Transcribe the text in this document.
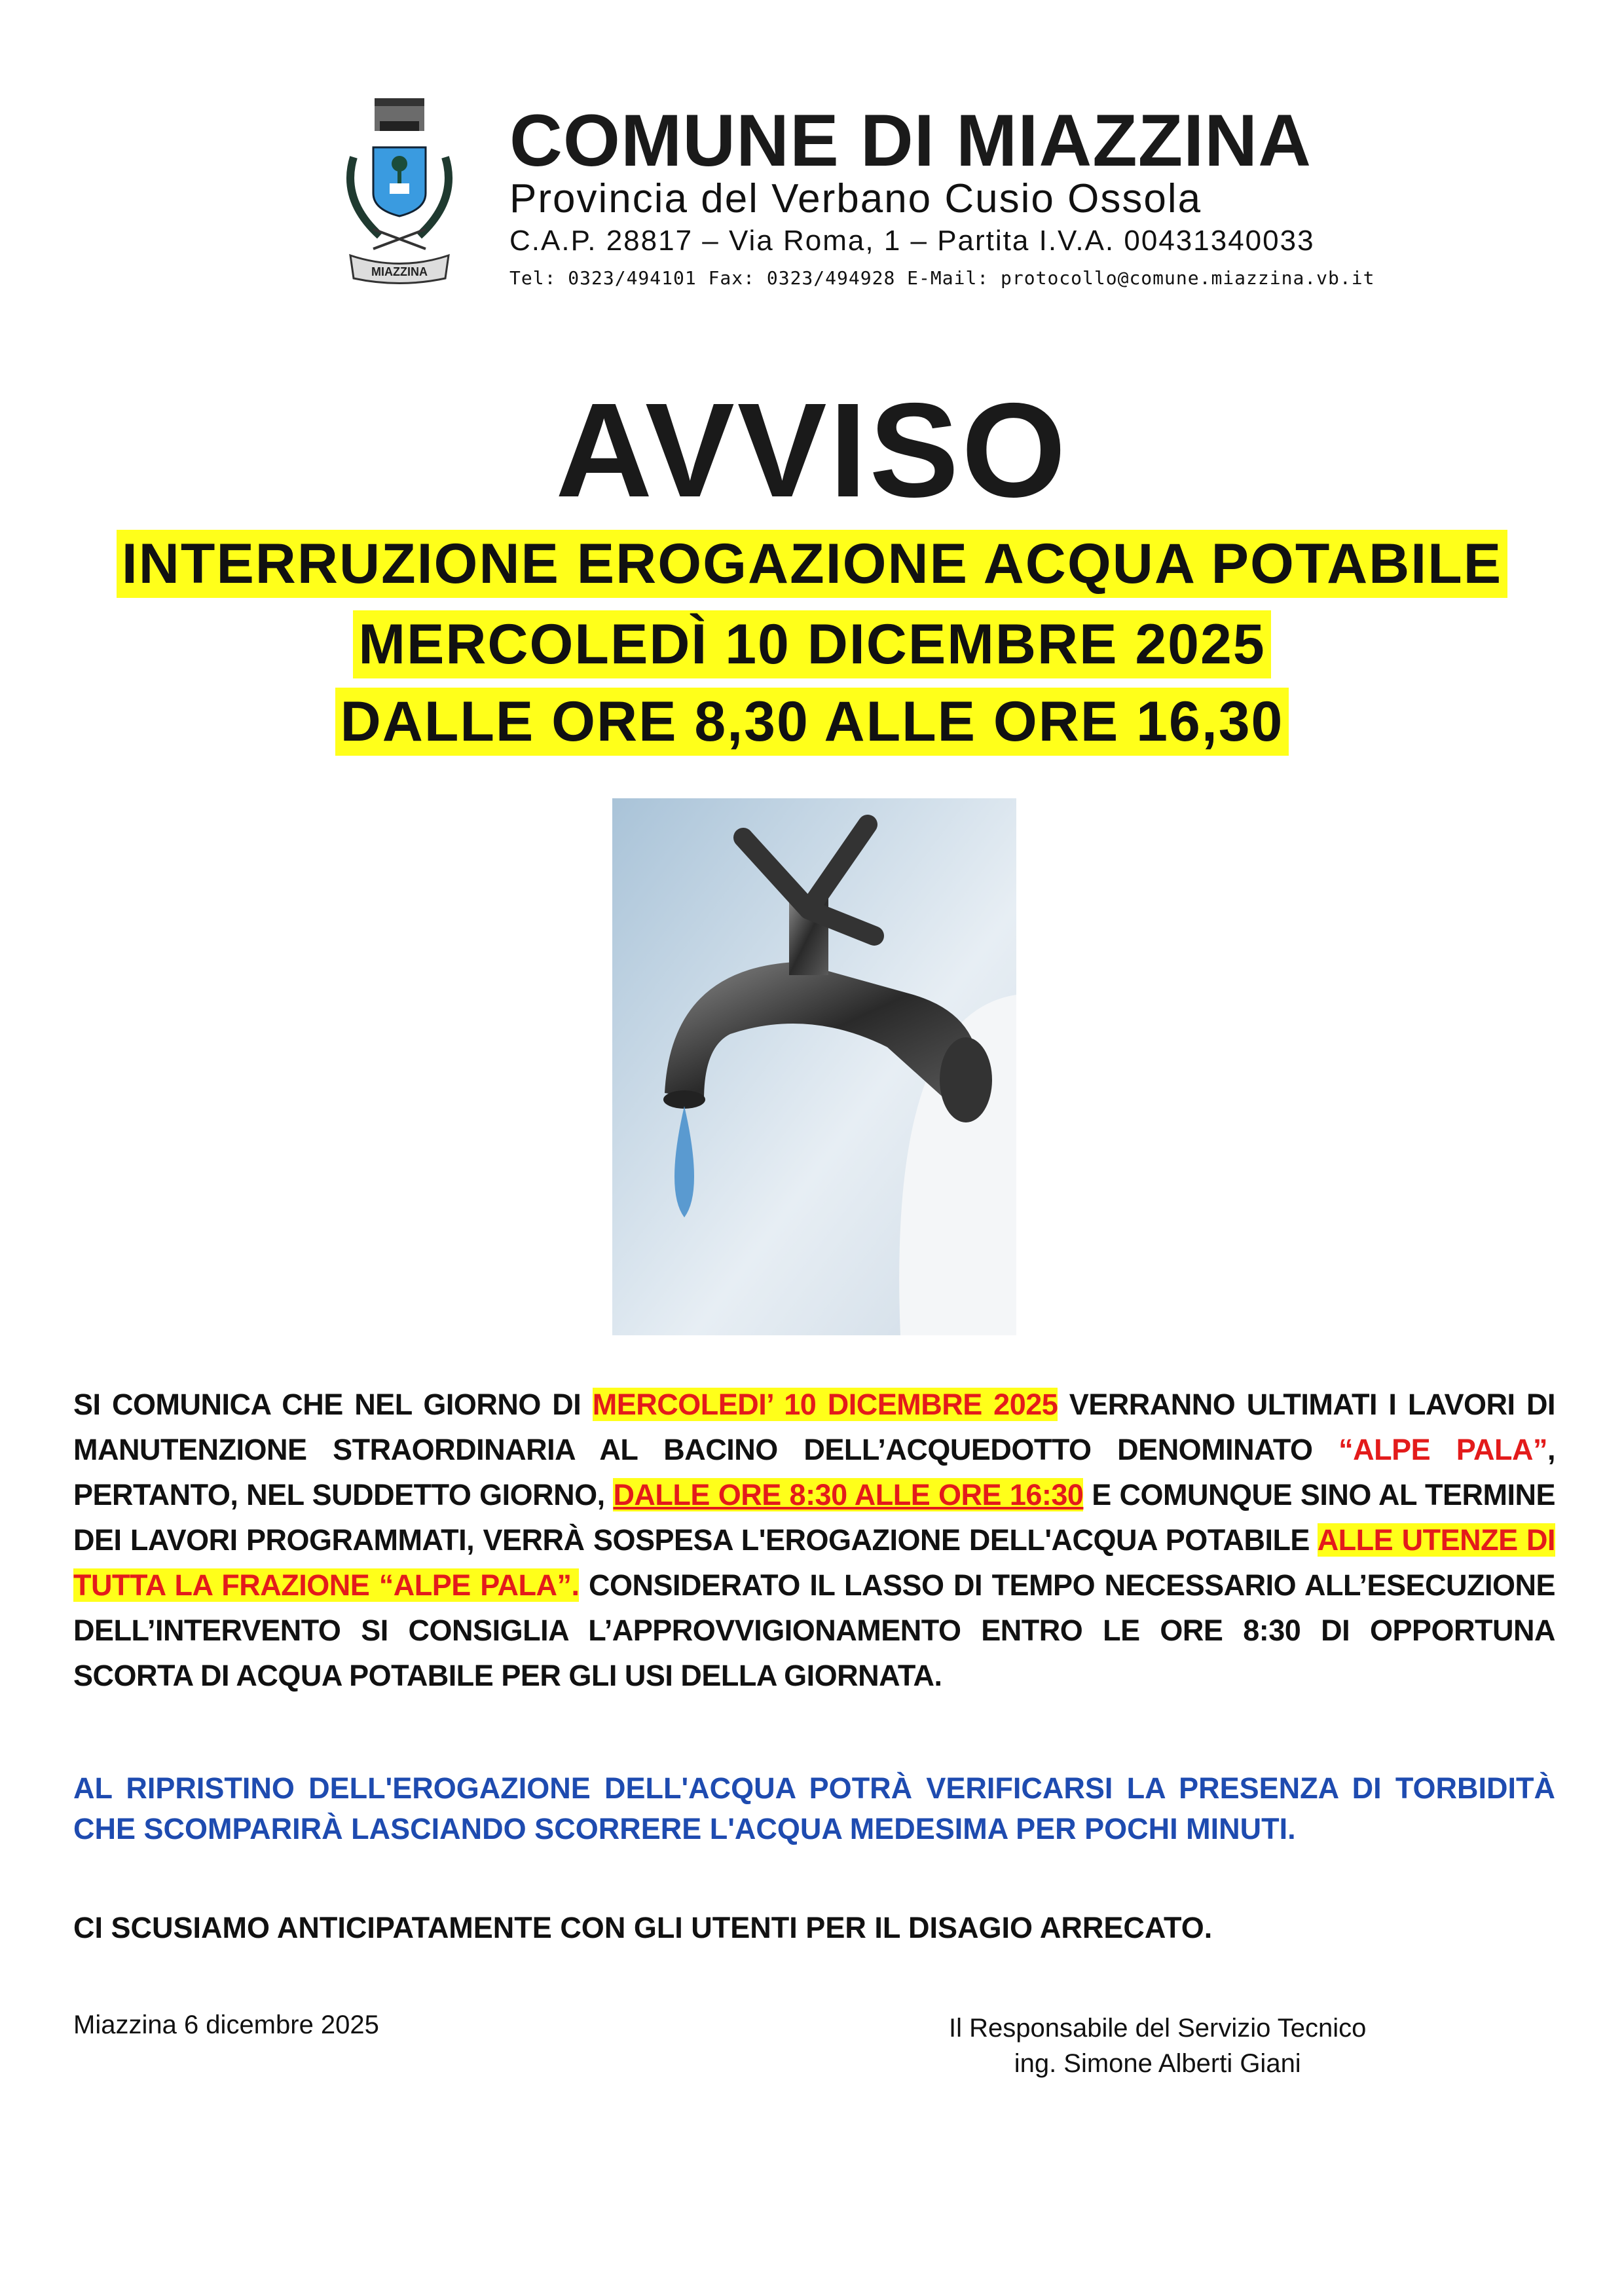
MIAZZINA
COMUNE DI MIAZZINA
Provincia del Verbano Cusio Ossola
C.A.P. 28817 – Via Roma, 1 – Partita I.V.A. 00431340033
Tel: 0323/494101 Fax: 0323/494928 E-Mail: protocollo@comune.miazzina.vb.it
AVVISO
INTERRUZIONE EROGAZIONE ACQUA POTABILE
MERCOLEDÌ 10 DICEMBRE 2025
DALLE ORE 8,30 ALLE ORE 16,30
SI COMUNICA CHE NEL GIORNO DI MERCOLEDI’ 10 DICEMBRE 2025 VERRANNO ULTIMATI I LAVORI DI MANUTENZIONE STRAORDINARIA AL BACINO DELL’ACQUEDOTTO DENOMINATO “ALPE PALA”, PERTANTO, NEL SUDDETTO GIORNO, DALLE ORE 8:30 ALLE ORE 16:30 E COMUNQUE SINO AL TERMINE DEI LAVORI PROGRAMMATI, VERRÀ SOSPESA L'EROGAZIONE DELL'ACQUA POTABILE ALLE UTENZE DI TUTTA LA FRAZIONE “ALPE PALA”. CONSIDERATO IL LASSO DI TEMPO NECESSARIO ALL’ESECUZIONE DELL’INTERVENTO SI CONSIGLIA L’APPROVVIGIONAMENTO ENTRO LE ORE 8:30 DI OPPORTUNA SCORTA DI ACQUA POTABILE PER GLI USI DELLA GIORNATA.
AL RIPRISTINO DELL'EROGAZIONE DELL'ACQUA POTRÀ VERIFICARSI LA PRESENZA DI TORBIDITÀ CHE SCOMPARIRÀ LASCIANDO SCORRERE L'ACQUA MEDESIMA PER POCHI MINUTI.
CI SCUSIAMO ANTICIPATAMENTE CON GLI UTENTI PER IL DISAGIO ARRECATO.
Miazzina 6 dicembre 2025	Il Responsabile del Servizio Tecnico
ing. Simone Alberti Giani
